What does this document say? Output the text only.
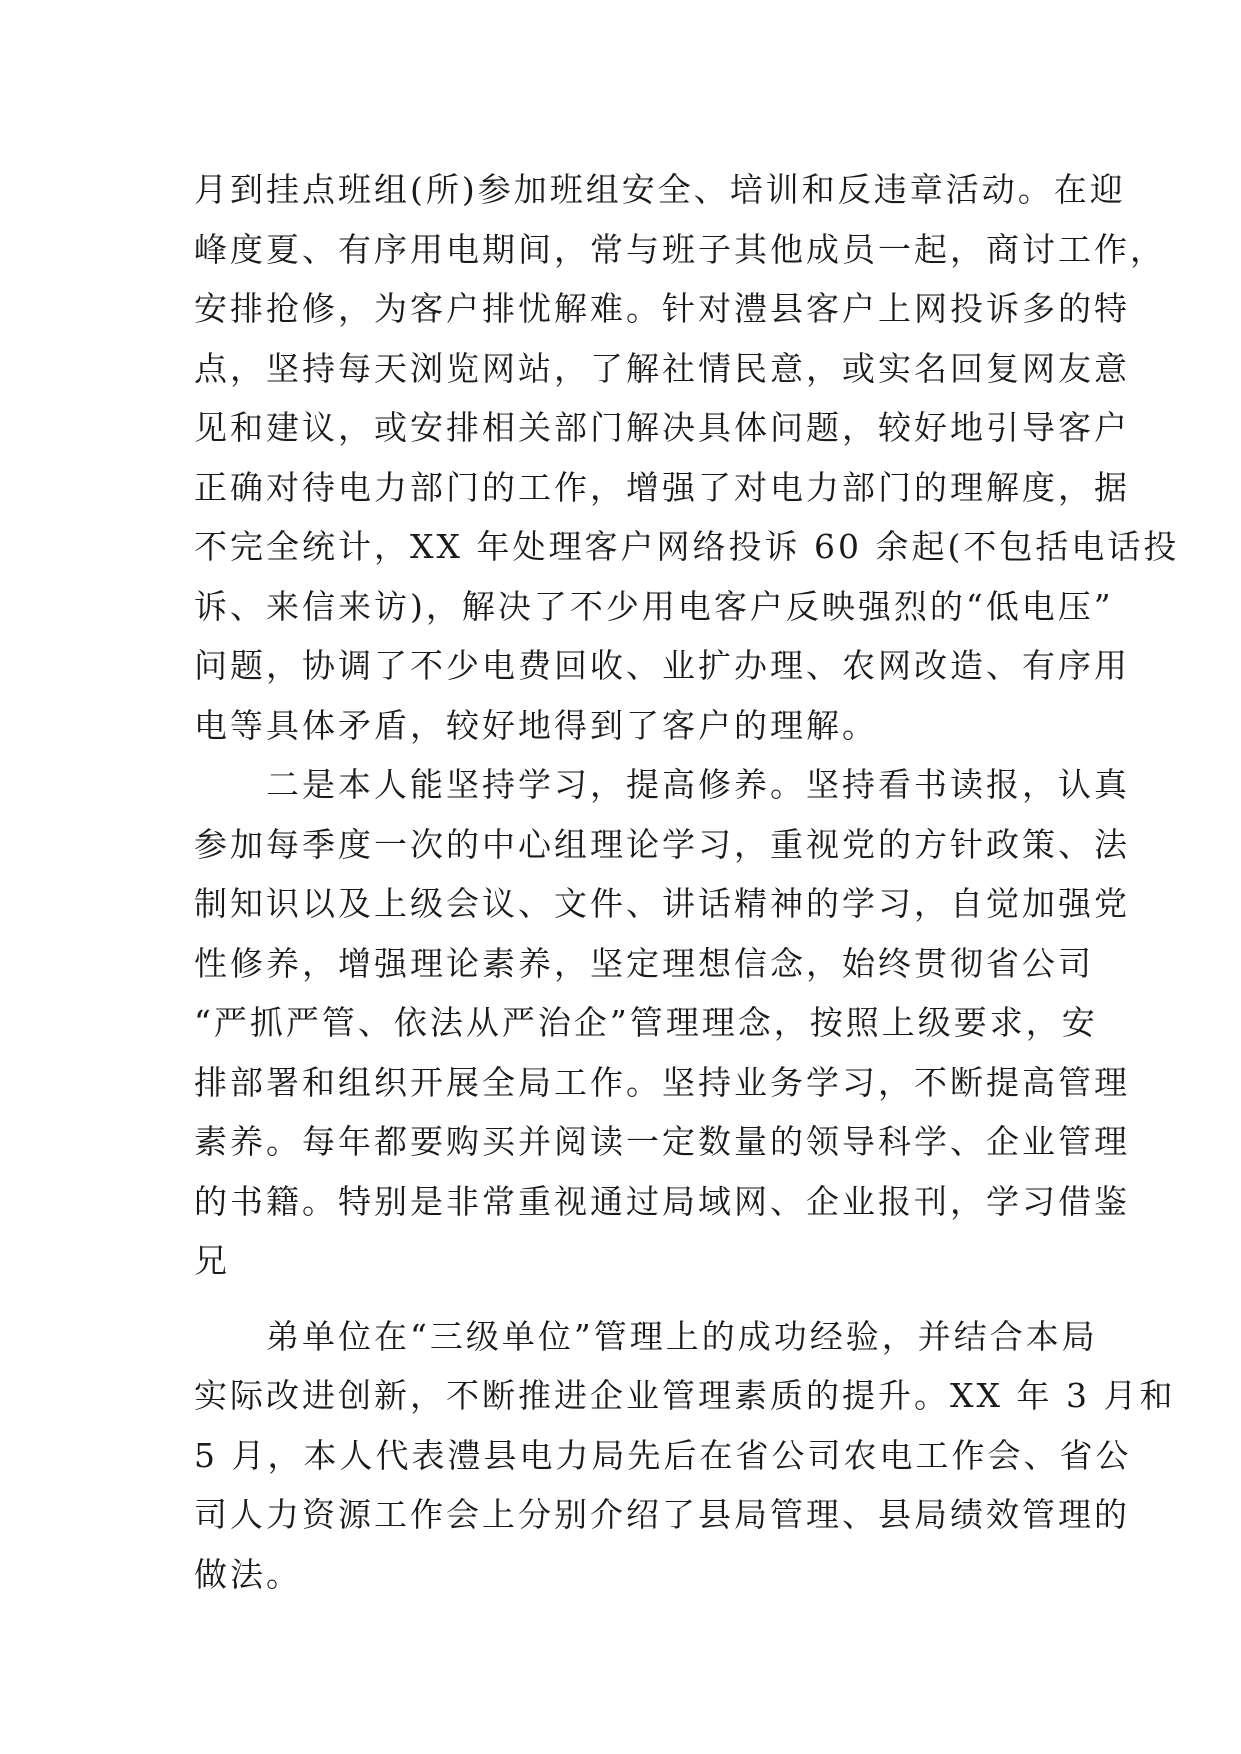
月到挂点班组(所)参加班组安全、培训和反违章活动。在迎
峰度夏、有序用电期间，常与班子其他成员一起，商讨工作，
安排抢修，为客户排忧解难。针对澧县客户上网投诉多的特
点，坚持每天浏览网站，了解社情民意，或实名回复网友意
见和建议，或安排相关部门解决具体问题，较好地引导客户
正确对待电力部门的工作，增强了对电力部门的理解度，据
不完全统计，XX 年处理客户网络投诉 60 余起(不包括电话投
诉、来信来访)，解决了不少用电客户反映强烈的“低电压”
问题，协调了不少电费回收、业扩办理、农网改造、有序用
电等具体矛盾，较好地得到了客户的理解。
　　二是本人能坚持学习，提高修养。坚持看书读报，认真
参加每季度一次的中心组理论学习，重视党的方针政策、法
制知识以及上级会议、文件、讲话精神的学习，自觉加强党
性修养，增强理论素养，坚定理想信念，始终贯彻省公司
“严抓严管、依法从严治企”管理理念，按照上级要求，安
排部署和组织开展全局工作。坚持业务学习，不断提高管理
素养。每年都要购买并阅读一定数量的领导科学、企业管理
的书籍。特别是非常重视通过局域网、企业报刊，学习借鉴
兄
　　弟单位在“三级单位”管理上的成功经验，并结合本局
实际改进创新，不断推进企业管理素质的提升。XX 年 3 月和
5 月，本人代表澧县电力局先后在省公司农电工作会、省公
司人力资源工作会上分别介绍了县局管理、县局绩效管理的
做法。
